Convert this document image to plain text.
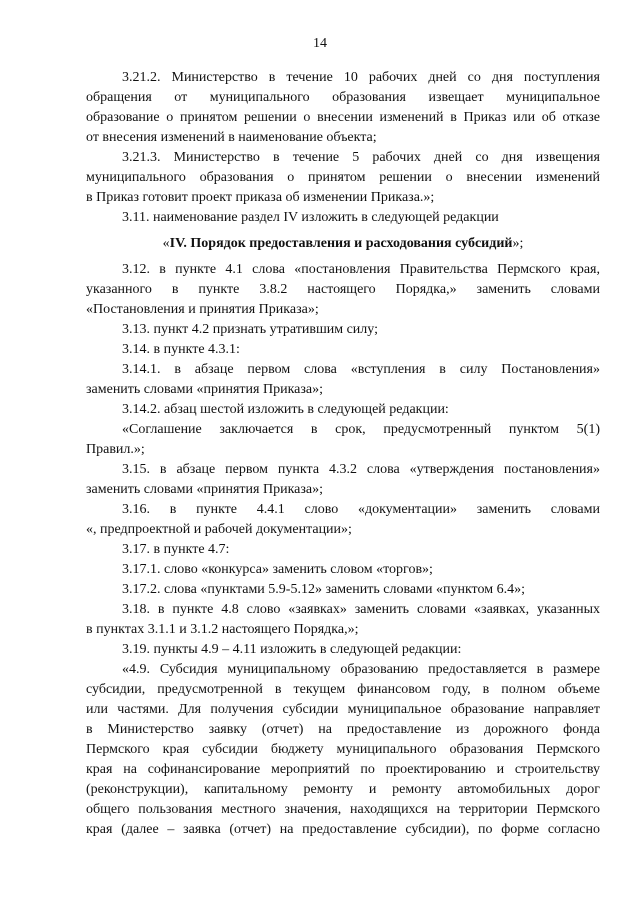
14

3.21.2. Министерство в течение 10 рабочих дней со дня поступления

обращения от муниципального образования извещает муниципальное

образование о принятом решении о внесении изменений в Приказ или об отказе

от внесения изменений в наименование объекта;

3.21.3. Министерство в течение 5 рабочих дней со дня извещения

муниципального образования о принятом решении о внесении изменений

в Приказ готовит проект приказа об изменении Приказа.»;

3.11. наименование раздел IV изложить в следующей редакции

«IV. Порядок предоставления и расходования субсидий»;

3.12. в пункте 4.1 слова «постановления Правительства Пермского края,

указанного в пункте 3.8.2 настоящего Порядка,» заменить словами

«Постановления и принятия Приказа»;

3.13. пункт 4.2 признать утратившим силу;

3.14. в пункте 4.3.1:

3.14.1. в абзаце первом слова «вступления в силу Постановления»

заменить словами «принятия Приказа»;

3.14.2. абзац шестой изложить в следующей редакции:

«Соглашение заключается в срок, предусмотренный пунктом 5(1)

Правил.»;

3.15. в абзаце первом пункта 4.3.2 слова «утверждения постановления»

заменить словами «принятия Приказа»;

3.16. в пункте 4.4.1 слово «документации» заменить словами

«, предпроектной и рабочей документации»;

3.17. в пункте 4.7:

3.17.1. слово «конкурса» заменить словом «торгов»;

3.17.2. слова «пунктами 5.9-5.12» заменить словами «пунктом 6.4»;

3.18. в пункте 4.8 слово «заявках» заменить словами «заявках, указанных

в пунктах 3.1.1 и 3.1.2 настоящего Порядка,»;

3.19. пункты 4.9 – 4.11 изложить в следующей редакции:

«4.9. Субсидия муниципальному образованию предоставляется в размере

субсидии, предусмотренной в текущем финансовом году, в полном объеме

или частями. Для получения субсидии муниципальное образование направляет

в Министерство заявку (отчет) на предоставление из дорожного фонда

Пермского края субсидии бюджету муниципального образования Пермского

края на софинансирование мероприятий по проектированию и строительству

(реконструкции), капитальному ремонту и ремонту автомобильных дорог

общего пользования местного значения, находящихся на территории Пермского

края (далее – заявка (отчет) на предоставление субсидии), по форме согласно
